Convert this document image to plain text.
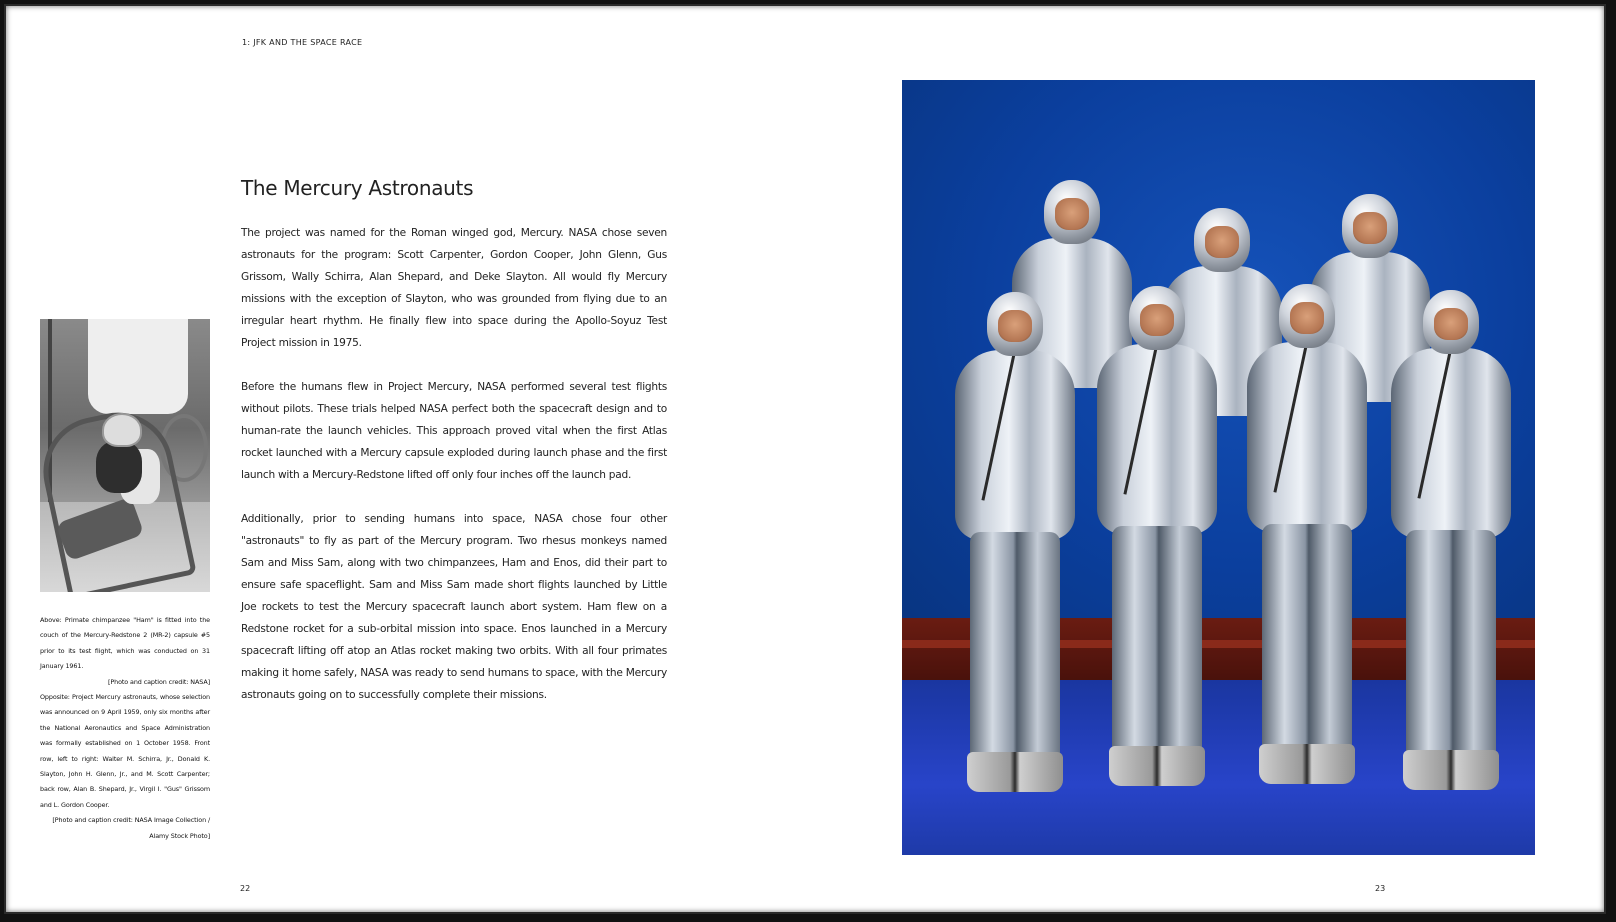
1: JFK AND THE SPACE RACE
The Mercury Astronauts

The project was named for the Roman winged god, Mercury. NASA chose seven astronauts for the program: Scott Carpenter, Gordon Cooper, John Glenn, Gus Grissom, Wally Schirra, Alan Shepard, and Deke Slayton. All would fly Mercury missions with the exception of Slayton, who was grounded from flying due to an irregular heart rhythm. He finally flew into space during the Apollo-Soyuz Test Project mission in 1975.

Before the humans flew in Project Mercury, NASA performed several test flights without pilots. These trials helped NASA perfect both the spacecraft design and to human-rate the launch vehicles. This approach proved vital when the first Atlas rocket launched with a Mercury capsule exploded during launch phase and the first launch with a Mercury-Redstone lifted off only four inches off the launch pad.

Additionally, prior to sending humans into space, NASA chose four other "astronauts" to fly as part of the Mercury program. Two rhesus monkeys named Sam and Miss Sam, along with two chimpanzees, Ham and Enos, did their part to ensure safe spaceflight. Sam and Miss Sam made short flights launched by Little Joe rockets to test the Mercury spacecraft launch abort system. Ham flew on a Redstone rocket for a sub-orbital mission into space. Enos launched in a Mercury spacecraft lifting off atop an Atlas rocket making two orbits. With all four primates making it home safely, NASA was ready to send humans to space, with the Mercury astronauts going on to successfully complete their missions.

Above: Primate chimpanzee "Ham" is fitted into the couch of the Mercury-Redstone 2 (MR-2) capsule #5 prior to its test flight, which was conducted on 31 January 1961.
[Photo and caption credit: NASA]
Opposite: Project Mercury astronauts, whose selection was announced on 9 April 1959, only six months after the National Aeronautics and Space Administration was formally established on 1 October 1958. Front row, left to right: Walter M. Schirra, Jr., Donald K. Slayton, John H. Glenn, Jr., and M. Scott Carpenter; back row, Alan B. Shepard, Jr., Virgil I. "Gus" Grissom and L. Gordon Cooper.
[Photo and caption credit: NASA Image Collection / Alamy Stock Photo]
22	23
